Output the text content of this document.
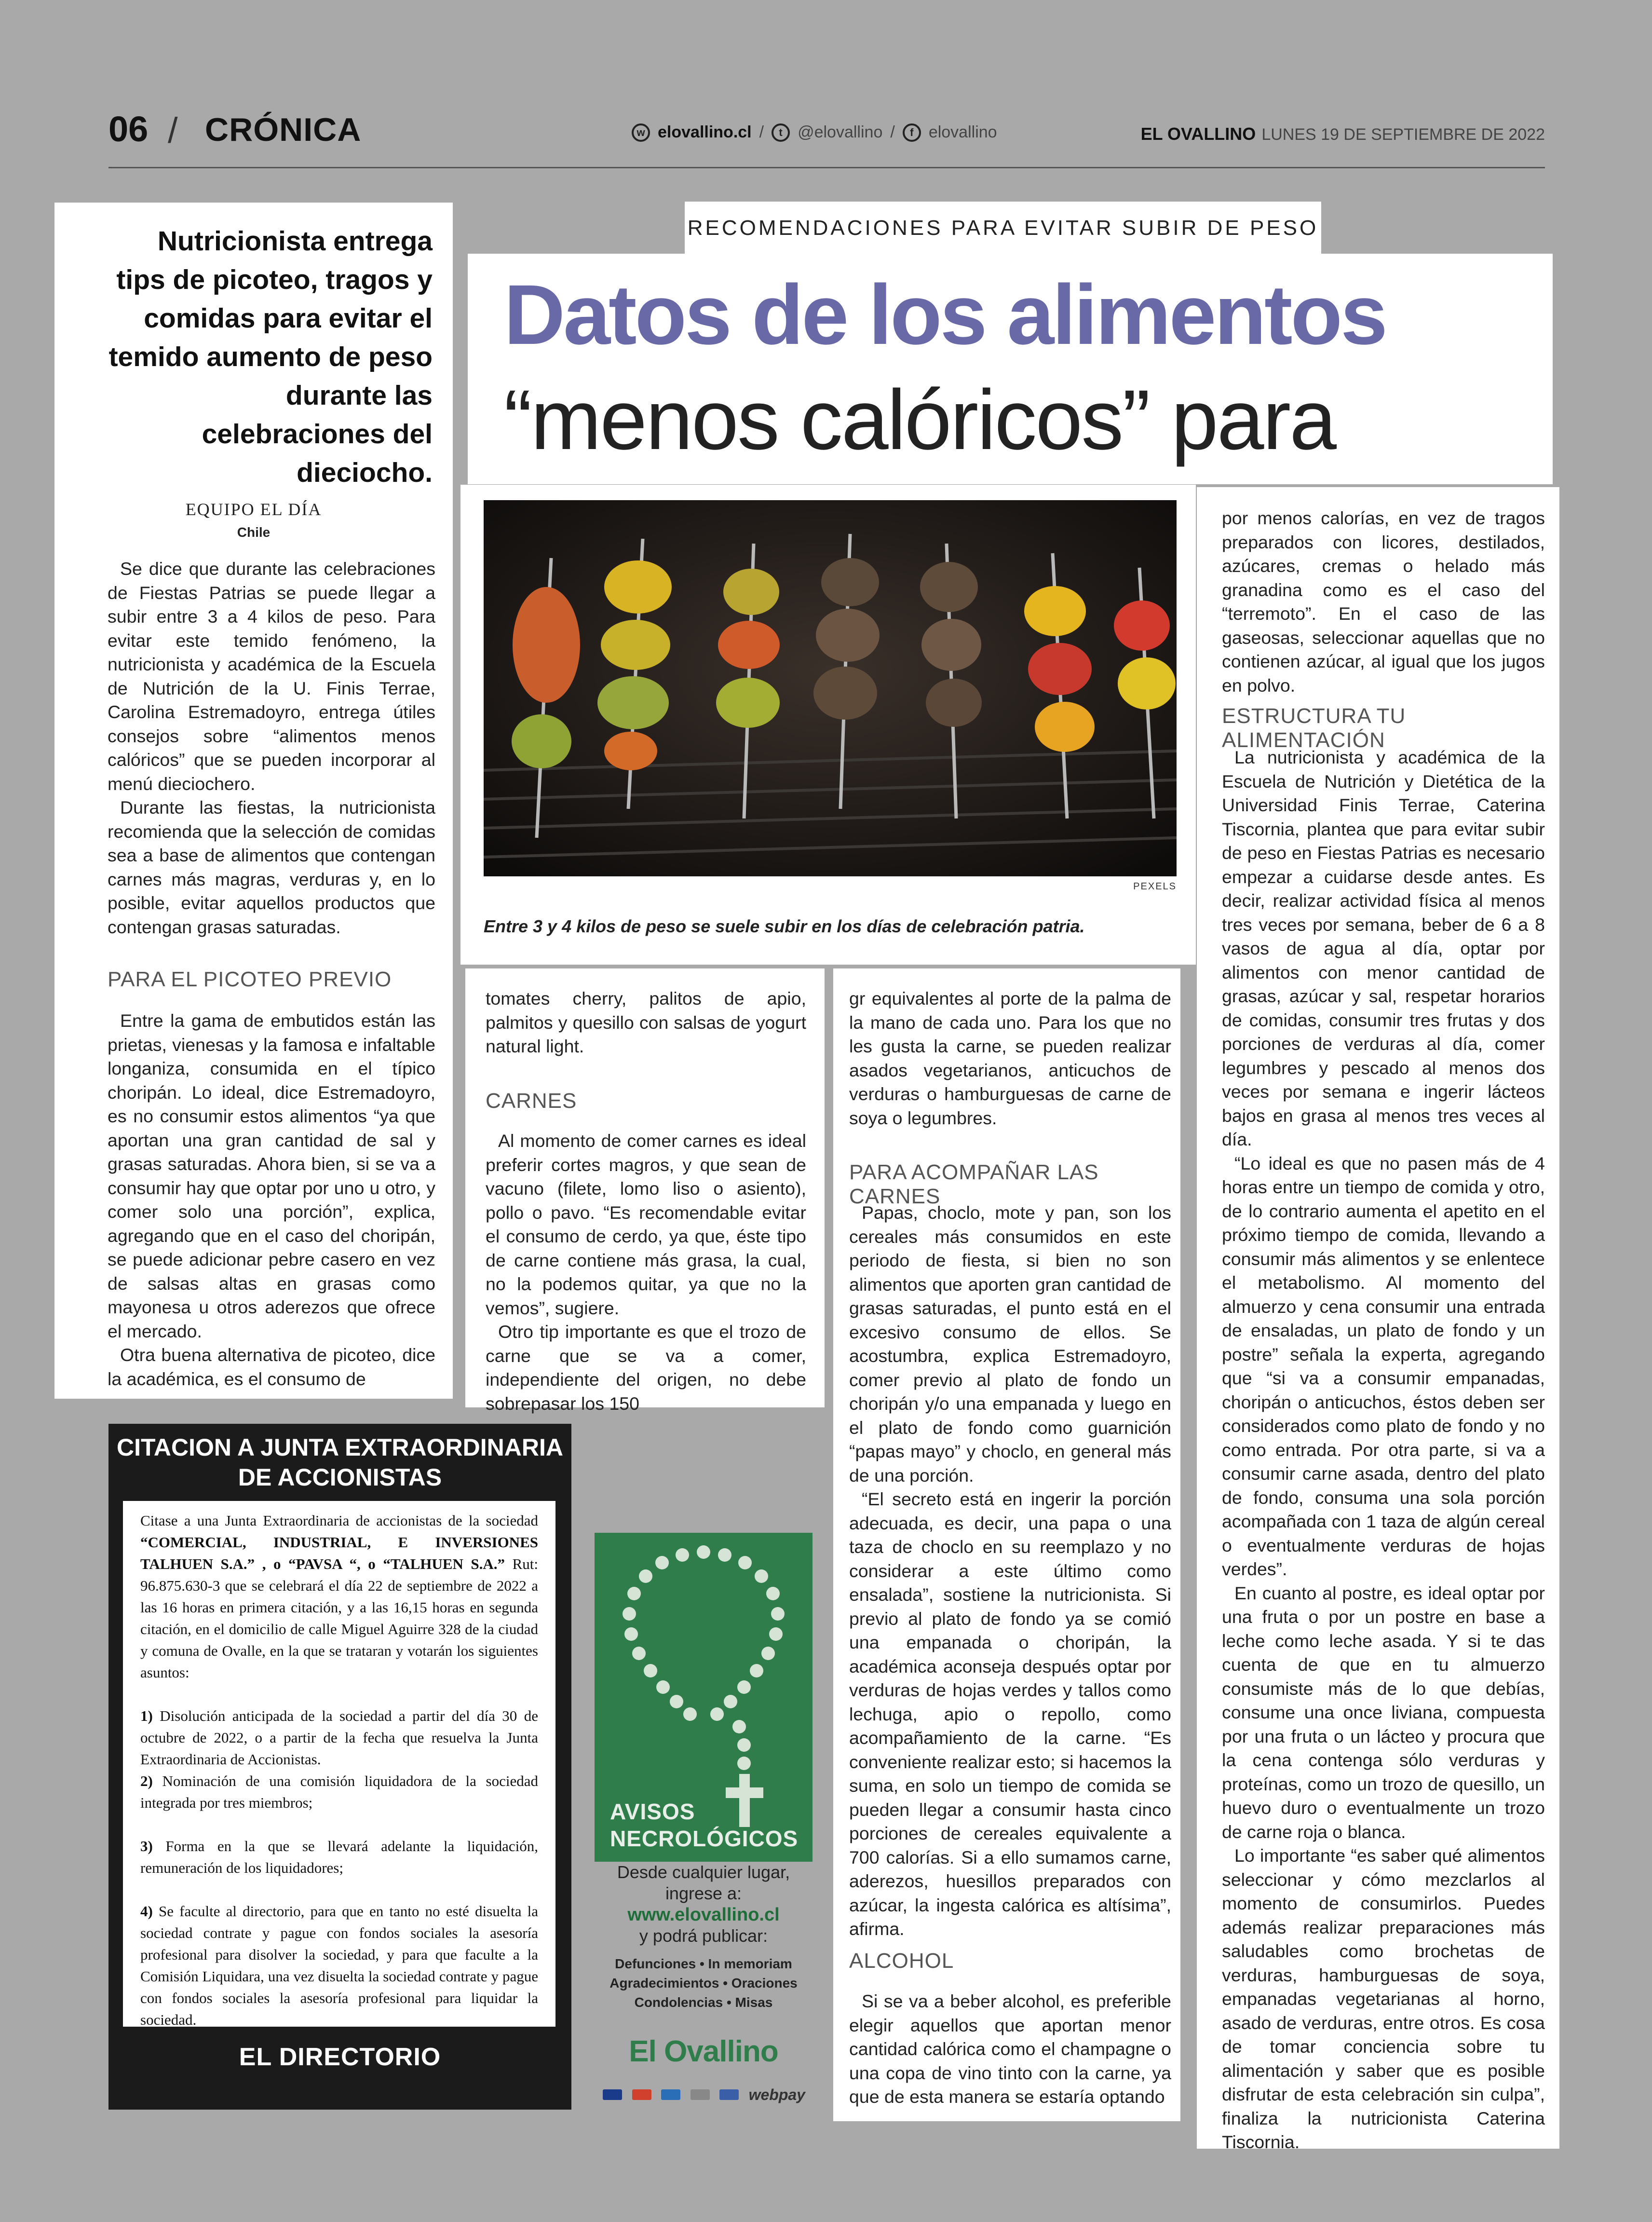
06 / CRÓNICA	w elovallino.cl /	t @elovallino /	f elovallino	EL OVALLINO LUNES 19 DE SEPTIEMBRE DE 2022
Nutricionista entrega tips de picoteo, tragos y comidas para evitar el temido aumento de peso durante las celebraciones del dieciocho.
EQUIPO EL DÍA
Chile

Se dice que durante las celebraciones de Fiestas Patrias se puede llegar a subir entre 3 a 4 kilos de peso. Para evitar este temido fenómeno, la nutricionista y académica de la Escuela de Nutrición de la U. Finis Terrae, Carolina Estremadoyro, entrega útiles consejos sobre “alimentos menos calóricos” que se pueden incorporar al menú dieciochero.

Durante las fiestas, la nutricionista recomienda que la selección de comidas sea a base de alimentos que contengan carnes más magras, verduras y, en lo posible, evitar aquellos productos que contengan grasas saturadas.

PARA EL PICOTEO PREVIO

Entre la gama de embutidos están las prietas, vienesas y la famosa e infaltable longaniza, consumida en el típico choripán. Lo ideal, dice Estremadoyro, es no consumir estos alimentos “ya que aportan una gran cantidad de sal y grasas saturadas. Ahora bien, si se va a consumir hay que optar por uno u otro, y comer solo una porción”, explica, agregando que en el caso del choripán, se puede adicionar pebre casero en vez de salsas altas en grasas como mayonesa u otros aderezos que ofrece el mercado.

Otra buena alternativa de picoteo, dice la académica, es el consumo de

RECOMENDACIONES PARA EVITAR SUBIR DE PESO
Datos de los alimentos “menos calóricos” para
PEXELS
Entre 3 y 4 kilos de peso se suele subir en los días de celebración patria.

tomates cherry, palitos de apio, palmitos y quesillo con salsas de yogurt natural light.

CARNES

Al momento de comer carnes es ideal preferir cortes magros, y que sean de vacuno (filete, lomo liso o asiento), pollo o pavo. “Es recomendable evitar el consumo de cerdo, ya que, éste tipo de carne contiene más grasa, la cual, no la podemos quitar, ya que no la vemos”, sugiere.

Otro tip importante es que el trozo de carne que se va a comer, independiente del origen, no debe sobrepasar los 150

gr equivalentes al porte de la palma de la mano de cada uno. Para los que no les gusta la carne, se pueden realizar asados vegetarianos, anticuchos de verduras o hamburguesas de carne de soya o legumbres.

PARA ACOMPAÑAR LAS CARNES

Papas, choclo, mote y pan, son los cereales más consumidos en este periodo de fiesta, si bien no son alimentos que aporten gran cantidad de grasas saturadas, el punto está en el excesivo consumo de ellos. Se acostumbra, explica Estremadoyro, comer previo al plato de fondo un choripán y/o una empanada y luego en el plato de fondo como guarnición “papas mayo” y choclo, en general más de una porción.

“El secreto está en ingerir la porción adecuada, es decir, una papa o una taza de choclo en su reemplazo y no considerar a este último como ensalada”, sostiene la nutricionista. Si previo al plato de fondo ya se comió una empanada o choripán, la académica aconseja después optar por verduras de hojas verdes y tallos como lechuga, apio o repollo, como acompañamiento de la carne. “Es conveniente realizar esto; si hacemos la suma, en solo un tiempo de comida se pueden llegar a consumir hasta cinco porciones de cereales equivalente a 700 calorías. Si a ello sumamos carne, aderezos, huesillos preparados con azúcar, la ingesta calórica es altísima”, afirma.

ALCOHOL

Si se va a beber alcohol, es preferible elegir aquellos que aportan menor cantidad calórica como el champagne o una copa de vino tinto con la carne, ya que de esta manera se estaría optando

por menos calorías, en vez de tragos preparados con licores, destilados, azúcares, cremas o helado más granadina como es el caso del “terremoto”. En el caso de las gaseosas, seleccionar aquellas que no contienen azúcar, al igual que los jugos en polvo.

ESTRUCTURA TU ALIMENTACIÓN

La nutricionista y académica de la Escuela de Nutrición y Dietética de la Universidad Finis Terrae, Caterina Tiscornia, plantea que para evitar subir de peso en Fiestas Patrias es necesario empezar a cuidarse desde antes. Es decir, realizar actividad física al menos tres veces por semana, beber de 6 a 8 vasos de agua al día, optar por alimentos con menor cantidad de grasas, azúcar y sal, respetar horarios de comidas, consumir tres frutas y dos porciones de verduras al día, comer legumbres y pescado al menos dos veces por semana e ingerir lácteos bajos en grasa al menos tres veces al día.

“Lo ideal es que no pasen más de 4 horas entre un tiempo de comida y otro, de lo contrario aumenta el apetito en el próximo tiempo de comida, llevando a consumir más alimentos y se enlentece el metabolismo. Al momento del almuerzo y cena consumir una entrada de ensaladas, un plato de fondo y un postre” señala la experta, agregando que “si va a consumir empanadas, choripán o anticuchos, éstos deben ser considerados como plato de fondo y no como entrada. Por otra parte, si va a consumir carne asada, dentro del plato de fondo, consuma una sola porción acompañada con 1 taza de algún cereal o eventualmente verduras de hojas verdes”.

En cuanto al postre, es ideal optar por una fruta o por un postre en base a leche como leche asada. Y si te das cuenta de que en tu almuerzo consumiste más de lo que debías, consume una once liviana, compuesta por una fruta o un lácteo y procura que la cena contenga sólo verduras y proteínas, como un trozo de quesillo, un huevo duro o eventualmente un trozo de carne roja o blanca.

Lo importante “es saber qué alimentos seleccionar y cómo mezclarlos al momento de consumirlos. Puedes además realizar preparaciones más saludables como brochetas de verduras, hamburguesas de soya, empanadas vegetarianas al horno, asado de verduras, entre otros. Es cosa de tomar conciencia sobre tu alimentación y saber que es posible disfrutar de esta celebración sin culpa”, finaliza la nutricionista Caterina Tiscornia.

CITACION A JUNTA EXTRAORDINARIA
DE ACCIONISTAS

Citase a una Junta Extraordinaria de accionistas de la sociedad “COMERCIAL, INDUSTRIAL, E INVERSIONES TALHUEN S.A.” , o “PAVSA “, o “TALHUEN S.A.” Rut: 96.875.630-3 que se celebrará el día 22 de septiembre de 2022 a las 16 horas en primera citación, y a las 16,15 horas en segunda citación, en el domicilio de calle Miguel Aguirre 328 de la ciudad y comuna de Ovalle, en la que se trataran y votarán los siguientes asuntos:

1) Disolución anticipada de la sociedad a partir del día 30 de octubre de 2022, o a partir de la fecha que resuelva la Junta Extraordinaria de Accionistas.

2) Nominación de una comisión liquidadora de la sociedad integrada por tres miembros;

3) Forma en la que se llevará adelante la liquidación, remuneración de los liquidadores;

4) Se faculte al directorio, para que en tanto no esté disuelta la sociedad contrate y pague con fondos sociales la asesoría profesional para disolver la sociedad, y para que faculte a la Comisión Liquidara, una vez disuelta la sociedad contrate y pague con fondos sociales la asesoría profesional para liquidar la sociedad.

EL DIRECTORIO
AVISOS
NECROLÓGICOS
Desde cualquier lugar,
ingrese a:
www.elovallino.cl
y podrá publicar:
Defunciones • In memoriam
Agradecimientos • Oraciones
Condolencias • Misas
El Ovallino
webpay
